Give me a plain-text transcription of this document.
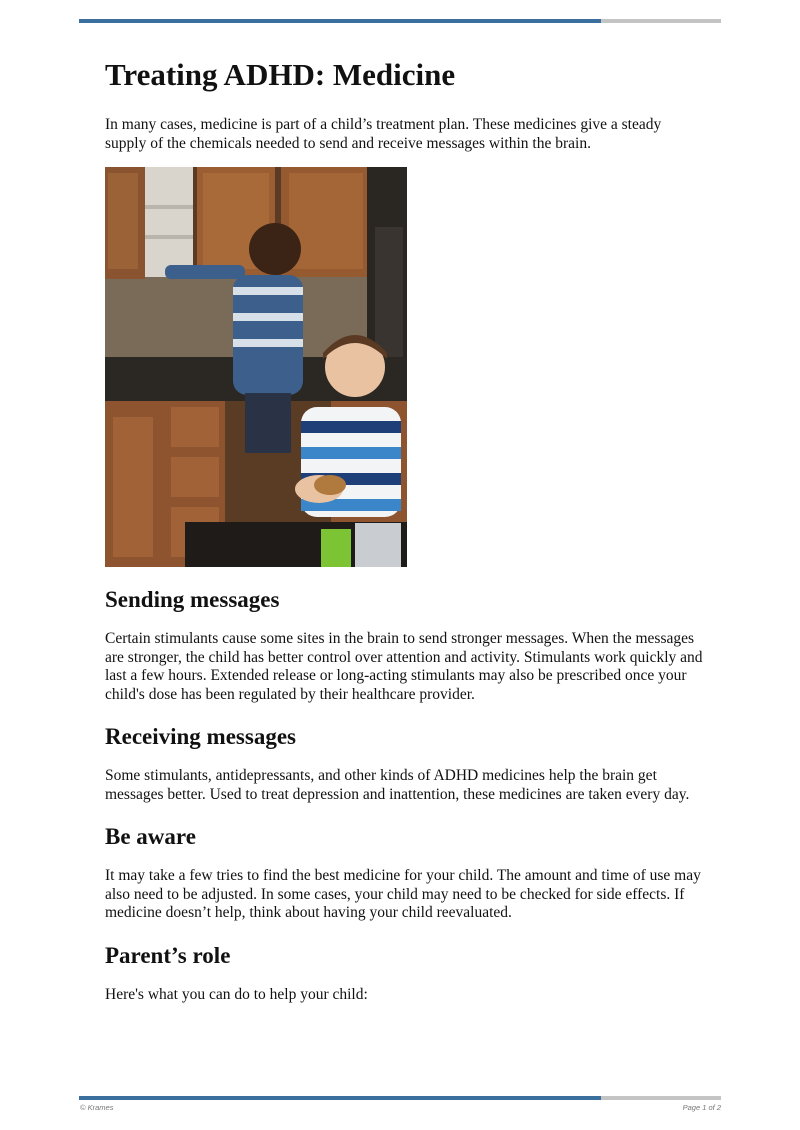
Treating ADHD: Medicine

In many cases, medicine is part of a child’s treatment plan. These medicines give a steady supply of the chemicals needed to send and receive messages within the brain.

Sending messages

Certain stimulants cause some sites in the brain to send stronger messages. When the messages are stronger, the child has better control over attention and activity. Stimulants work quickly and last a few hours. Extended release or long-acting stimulants may also be prescribed once your child's dose has been regulated by their healthcare provider.

Receiving messages

Some stimulants, antidepressants, and other kinds of ADHD medicines help the brain get messages better. Used to treat depression and inattention, these medicines are taken every day.

Be aware

It may take a few tries to find the best medicine for your child. The amount and time of use may also need to be adjusted. In some cases, your child may need to be checked for side effects. If medicine doesn’t help, think about having your child reevaluated.

Parent’s role

Here's what you can do to help your child:

© Krames	Page 1 of 2
